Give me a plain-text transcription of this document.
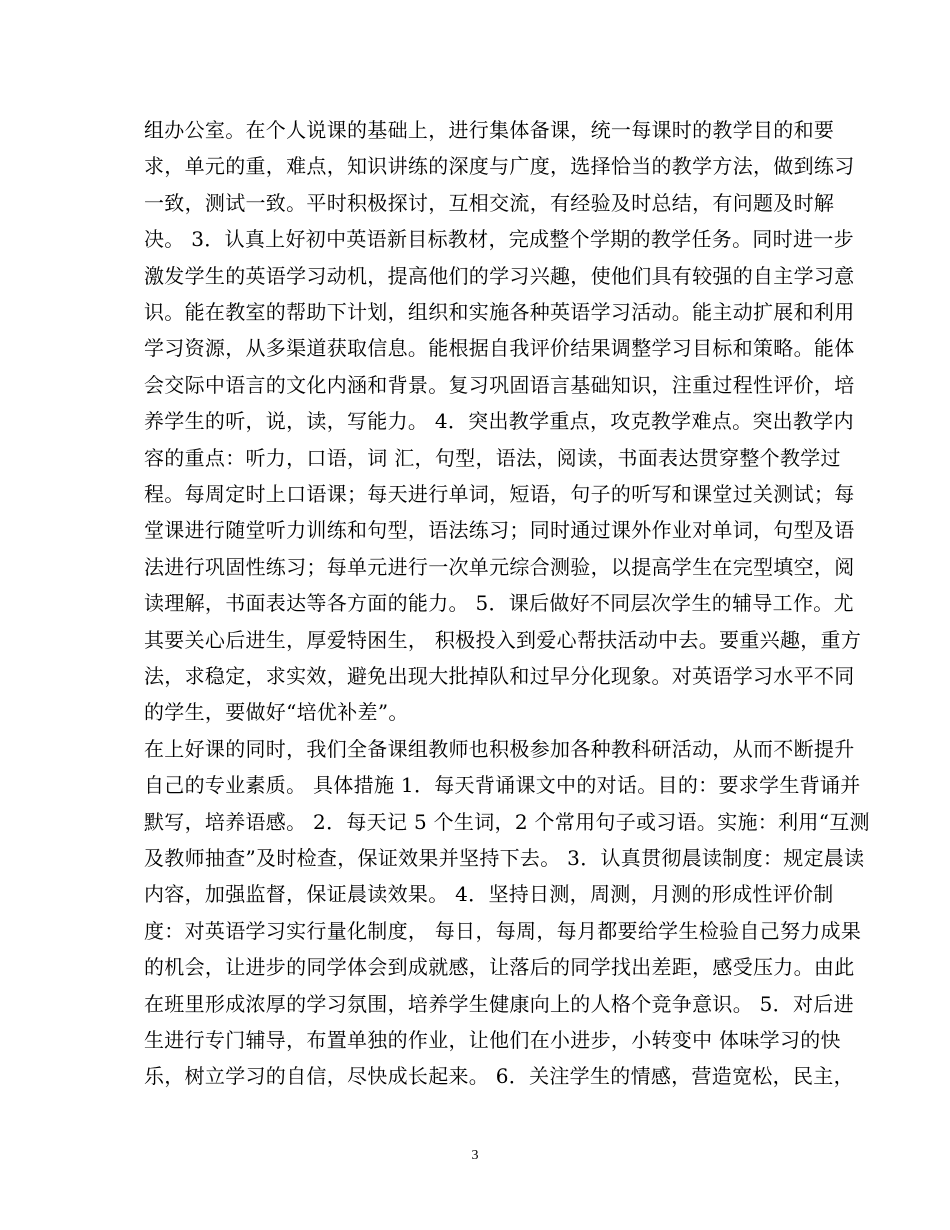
组办公室。在个人说课的基础上，进行集体备课，统一每课时的教学目的和要
求，单元的重，难点，知识讲练的深度与广度，选择恰当的教学方法，做到练习
一致，测试一致。平时积极探讨，互相交流，有经验及时总结，有问题及时解
决。 3．认真上好初中英语新目标教材，完成整个学期的教学任务。同时进一步
激发学生的英语学习动机，提高他们的学习兴趣，使他们具有较强的自主学习意
识。能在教室的帮助下计划，组织和实施各种英语学习活动。能主动扩展和利用
学习资源，从多渠道获取信息。能根据自我评价结果调整学习目标和策略。能体
会交际中语言的文化内涵和背景。复习巩固语言基础知识，注重过程性评价，培
养学生的听，说，读，写能力。 4．突出教学重点，攻克教学难点。突出教学内
容的重点：听力，口语，词 汇，句型，语法，阅读，书面表达贯穿整个教学过
程。每周定时上口语课；每天进行单词，短语，句子的听写和课堂过关测试；每
堂课进行随堂听力训练和句型，语法练习；同时通过课外作业对单词，句型及语
法进行巩固性练习；每单元进行一次单元综合测验，以提高学生在完型填空，阅
读理解，书面表达等各方面的能力。 5．课后做好不同层次学生的辅导工作。尤
其要关心后进生，厚爱特困生， 积极投入到爱心帮扶活动中去。要重兴趣，重方
法，求稳定，求实效，避免出现大批掉队和过早分化现象。对英语学习水平不同
的学生，要做好“培优补差”。
在上好课的同时，我们全备课组教师也积极参加各种教科研活动，从而不断提升
自己的专业素质。 具体措施 1．每天背诵课文中的对话。目的：要求学生背诵并
默写，培养语感。 2．每天记 5 个生词，2 个常用句子或习语。实施：利用“互测
及教师抽查”及时检查，保证效果并坚持下去。 3．认真贯彻晨读制度：规定晨读
内容，加强监督，保证晨读效果。 4．坚持日测，周测，月测的形成性评价制
度：对英语学习实行量化制度， 每日，每周，每月都要给学生检验自己努力成果
的机会，让进步的同学体会到成就感，让落后的同学找出差距，感受压力。由此
在班里形成浓厚的学习氛围，培养学生健康向上的人格个竞争意识。 5．对后进
生进行专门辅导，布置单独的作业，让他们在小进步，小转变中 体味学习的快
乐，树立学习的自信，尽快成长起来。 6．关注学生的情感，营造宽松，民主，
3
